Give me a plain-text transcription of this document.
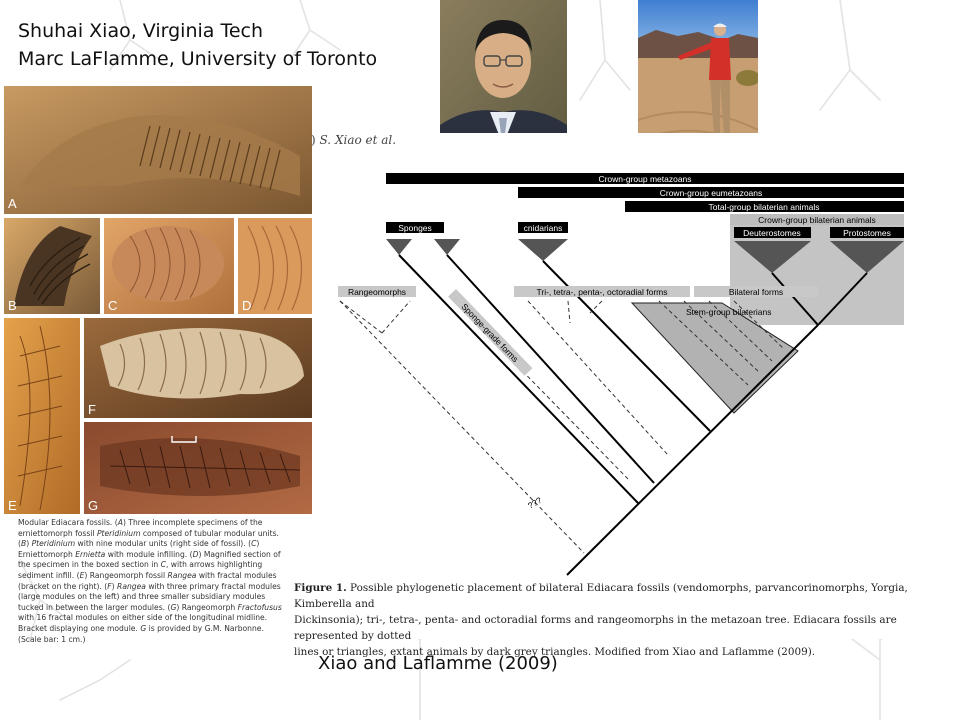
Shuhai Xiao, Virginia Tech

Marc LaFlamme, University of Toronto

A
B	C	D
E
F
G

Modular Ediacara fossils. (A) Three incomplete specimens of the erniettomorph fossil Pteridinium composed of tubular modular units. (B) Pteridinium with nine modular units (right side of fossil). (C) Erniettomorph Ernietta with module infilling. (D) Magnified section of the specimen in the boxed section in C, with arrows highlighting sediment infill. (E) Rangeomorph fossil Rangea with fractal modules (bracket on the right). (F) Rangea with three primary fractal modules (large modules on the left) and three smaller subsidiary modules tucked in between the larger modules. (G) Rangeomorph Fractofusus with 16 fractal modules on either side of the longitudinal midline. Bracket displaying one module. G is provided by G.M. Narbonne. (Scale bar: 1 cm.)

) S. Xiao et al.
Crown-group metazoans
Crown-group eumetazoans
Total-group bilaterian animals
Crown-group bilaterian animals
Deuterostomes	Protostomes
Sponges	cnidarians
Rangeomorphs	Tri-, tetra-, penta-, octoradial forms	Bilateral forms
Sponge-grade forms	Stem-group bilaterians
???

Figure 1. Possible phylogenetic placement of bilateral Ediacara fossils (vendomorphs, parvancorinomorphs, Yorgia, Kimberella and
Dickinsonia); tri-, tetra-, penta- and octoradial forms and rangeomorphs in the metazoan tree. Ediacara fossils are represented by dotted
lines or triangles, extant animals by dark grey triangles. Modified from Xiao and Laflamme (2009).

Xiao and Laflamme (2009)
